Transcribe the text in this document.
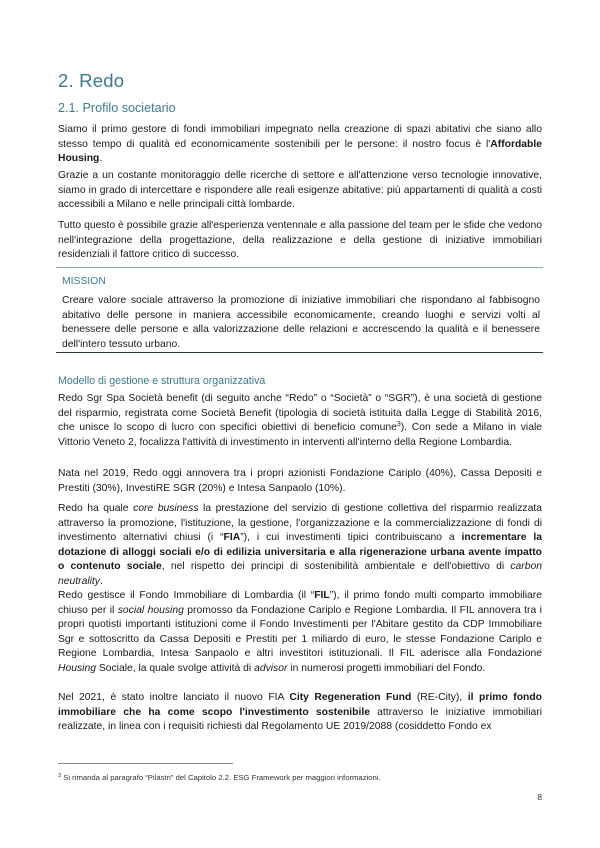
2. Redo
2.1. Profilo societario

Siamo il primo gestore di fondi immobiliari impegnato nella creazione di spazi abitativi che siano allo stesso tempo di qualità ed economicamente sostenibili per le persone: il nostro focus è l'Affordable Housing.

Grazie a un costante monitoraggio delle ricerche di settore e all'attenzione verso tecnologie innovative, siamo in grado di intercettare e rispondere alle reali esigenze abitative: più appartamenti di qualità a costi accessibili a Milano e nelle principali città lombarde.

Tutto questo è possibile grazie all'esperienza ventennale e alla passione del team per le sfide che vedono nell'integrazione della progettazione, della realizzazione e della gestione di iniziative immobiliari residenziali il fattore critico di successo.

MISSION

Creare valore sociale attraverso la promozione di iniziative immobiliari che rispondano al fabbisogno abitativo delle persone in maniera accessibile economicamente, creando luoghi e servizi volti al benessere delle persone e alla valorizzazione delle relazioni e accrescendo la qualità e il benessere dell'intero tessuto urbano.

Modello di gestione e struttura organizzativa

Redo Sgr Spa Società benefit (di seguito anche “Redo” o “Società” o “SGR”), è una società di gestione del risparmio, registrata come Società Benefit (tipologia di società istituita dalla Legge di Stabilità 2016, che unisce lo scopo di lucro con specifici obiettivi di beneficio comune$^3$). Con sede a Milano in viale Vittorio Veneto 2, focalizza l'attività di investimento in interventi all'interno della Regione Lombardia.

Nata nel 2019, Redo oggi annovera tra i propri azionisti Fondazione Cariplo (40%), Cassa Depositi e Prestiti (30%), InvestiRE SGR (20%) e Intesa Sanpaolo (10%).

Redo ha quale core business la prestazione del servizio di gestione collettiva del risparmio realizzata attraverso la promozione, l'istituzione, la gestione, l'organizzazione e la commercializzazione di fondi di investimento alternativi chiusi (i “FIA”), i cui investimenti tipici contribuiscano a incrementare la dotazione di alloggi sociali e/o di edilizia universitaria e alla rigenerazione urbana avente impatto o contenuto sociale, nel rispetto dei principi di sostenibilità ambientale e dell'obiettivo di carbon neutrality.

Redo gestisce il Fondo Immobiliare di Lombardia (il “FIL”), il primo fondo multi comparto immobiliare chiuso per il social housing promosso da Fondazione Cariplo e Regione Lombardia. Il FIL annovera tra i propri quotisti importanti istituzioni come il Fondo Investimenti per l'Abitare gestito da CDP Immobiliare Sgr e sottoscritto da Cassa Depositi e Prestiti per 1 miliardo di euro, le stesse Fondazione Cariplo e Regione Lombardia, Intesa Sanpaolo e altri investitori istituzionali. Il FIL aderisce alla Fondazione Housing Sociale, la quale svolge attività di advisor in numerosi progetti immobiliari del Fondo.

Nel 2021, è stato inoltre lanciato il nuovo FIA City Regeneration Fund (RE-City), il primo fondo immobiliare che ha come scopo l'investimento sostenibile attraverso le iniziative immobiliari realizzate, in linea con i requisiti richiesti dal Regolamento UE 2019/2088 (cosiddetto Fondo ex

$^3$ Si rimanda al paragrafo “Pilastri” del Capitolo 2.2. ESG Framework per maggiori informazioni.
8
